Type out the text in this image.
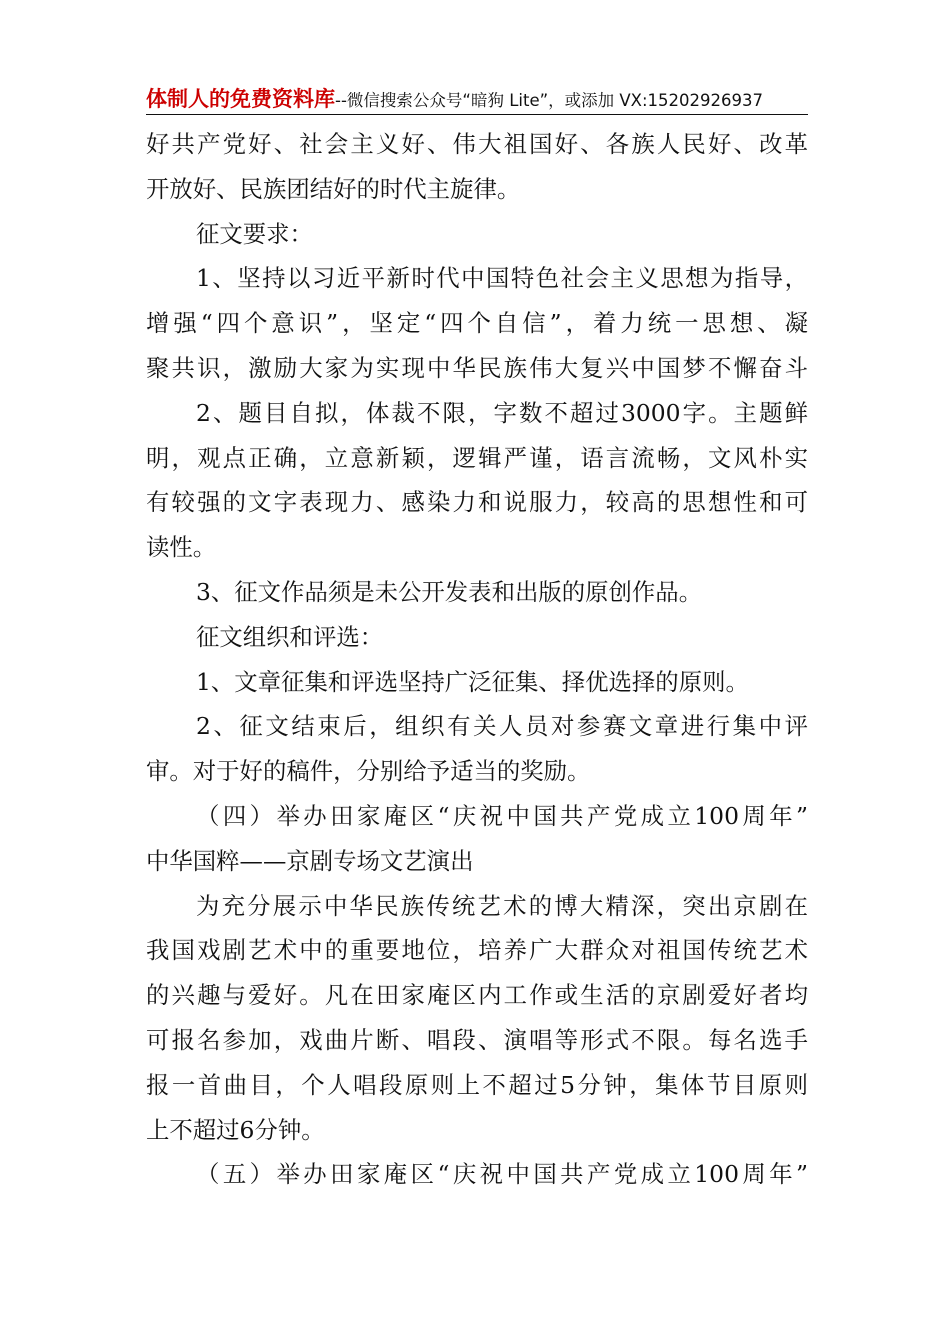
体制人的免费资料库--微信搜索公众号“暗狗 Lite”，或添加 VX:15202926937
好共产党好、社会主义好、伟大祖国好、各族人民好、改革
开放好、民族团结好的时代主旋律。
征文要求：
1、坚持以习近平新时代中国特色社会主义思想为指导，
增强“四个意识”，坚定“四个自信”，着力统一思想、凝
聚共识，激励大家为实现中华民族伟大复兴中国梦不懈奋斗
2、题目自拟，体裁不限，字数不超过3000字。主题鲜
明，观点正确，立意新颖，逻辑严谨，语言流畅，文风朴实
有较强的文字表现力、感染力和说服力，较高的思想性和可
读性。
3、征文作品须是未公开发表和出版的原创作品。
征文组织和评选：
1、文章征集和评选坚持广泛征集、择优选择的原则。
2、征文结束后，组织有关人员对参赛文章进行集中评
审。对于好的稿件，分别给予适当的奖励。
（四）举办田家庵区“庆祝中国共产党成立100周年”
中华国粹——京剧专场文艺演出
为充分展示中华民族传统艺术的博大精深，突出京剧在
我国戏剧艺术中的重要地位，培养广大群众对祖国传统艺术
的兴趣与爱好。凡在田家庵区内工作或生活的京剧爱好者均
可报名参加，戏曲片断、唱段、演唱等形式不限。每名选手
报一首曲目，个人唱段原则上不超过5分钟，集体节目原则
上不超过6分钟。
（五）举办田家庵区“庆祝中国共产党成立100周年”
